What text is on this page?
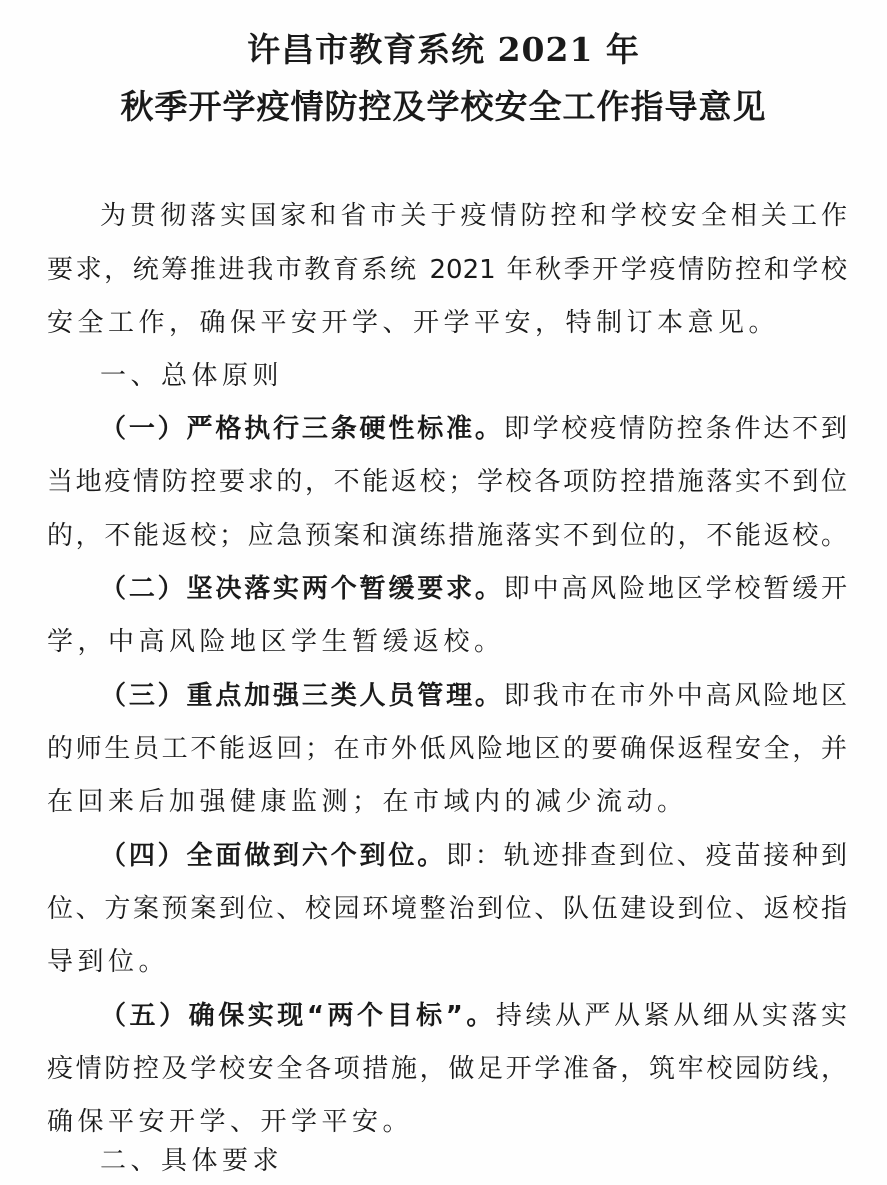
许昌市教育系统 2021 年
秋季开学疫情防控及学校安全工作指导意见

为贯彻落实国家和省市关于疫情防控和学校安全相关工作

要求，统筹推进我市教育系统 2021 年秋季开学疫情防控和学校

安全工作，确保平安开学、开学平安，特制订本意见。

一、总体原则

（一）严格执行三条硬性标准。即学校疫情防控条件达不到

当地疫情防控要求的，不能返校；学校各项防控措施落实不到位

的，不能返校；应急预案和演练措施落实不到位的，不能返校。

（二）坚决落实两个暂缓要求。即中高风险地区学校暂缓开

学，中高风险地区学生暂缓返校。

（三）重点加强三类人员管理。即我市在市外中高风险地区

的师生员工不能返回；在市外低风险地区的要确保返程安全，并

在回来后加强健康监测；在市域内的减少流动。

（四）全面做到六个到位。即：轨迹排查到位、疫苗接种到

位、方案预案到位、校园环境整治到位、队伍建设到位、返校指

导到位。

（五）确保实现“两个目标”。持续从严从紧从细从实落实

疫情防控及学校安全各项措施，做足开学准备，筑牢校园防线，

确保平安开学、开学平安。

二、具体要求
